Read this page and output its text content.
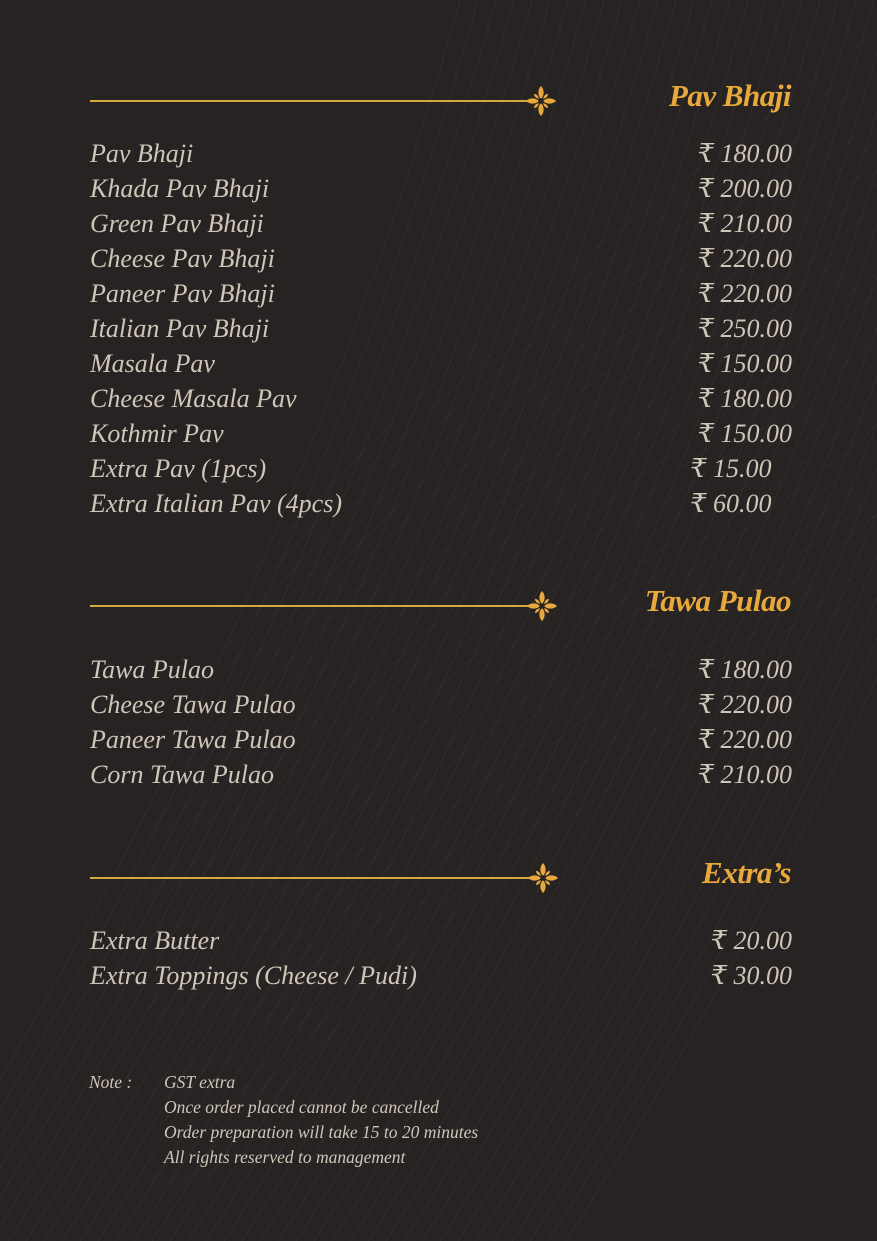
Pav Bhaji
Pav Bhaji	₹ 180.00
Khada Pav Bhaji	₹ 200.00
Green Pav Bhaji	₹ 210.00
Cheese Pav Bhaji	₹ 220.00
Paneer Pav Bhaji	₹ 220.00
Italian Pav Bhaji	₹ 250.00
Masala Pav	₹ 150.00
Cheese Masala Pav	₹ 180.00
Kothmir Pav	₹ 150.00
Extra Pav (1pcs)	₹ 15.00
Extra Italian Pav (4pcs)	₹ 60.00
Tawa Pulao
Tawa Pulao	₹ 180.00
Cheese Tawa Pulao	₹ 220.00
Paneer Tawa Pulao	₹ 220.00
Corn Tawa Pulao	₹ 210.00
Extra’s
Extra Butter	₹ 20.00
Extra Toppings (Cheese / Pudi)	₹ 30.00
Note :	GST extra
Once order placed cannot be cancelled
Order preparation will take 15 to 20 minutes
All rights reserved to management
